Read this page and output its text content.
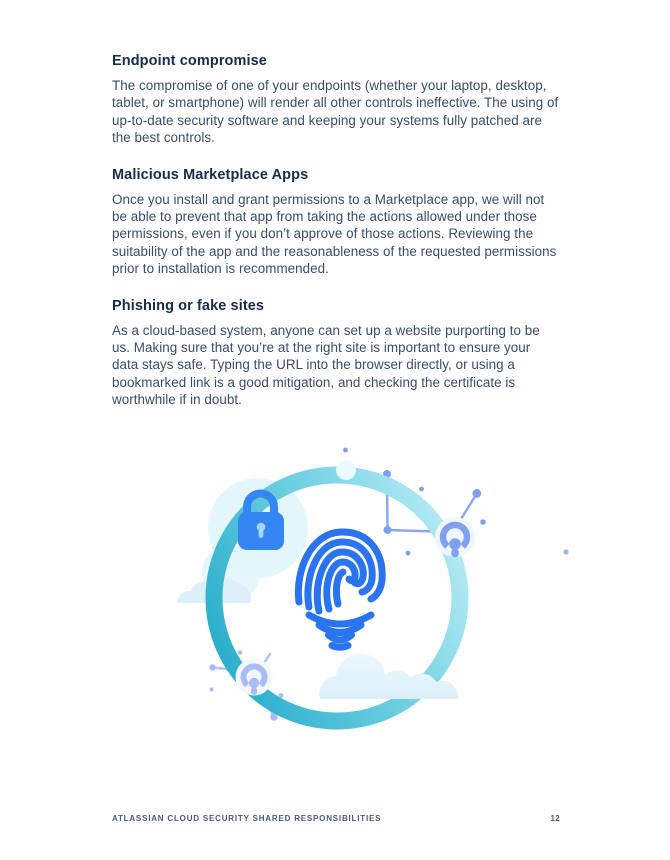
Endpoint compromise

The compromise of one of your endpoints (whether your laptop, desktop, tablet, or smartphone) will render all other controls ineffective. The using of up-to-date security software and keeping your systems fully patched are the best controls.

Malicious Marketplace Apps

Once you install and grant permissions to a Marketplace app, we will not be able to prevent that app from taking the actions allowed under those permissions, even if you don’t approve of those actions. Reviewing the suitability of the app and the reasonableness of the requested permissions prior to installation is recommended.

Phishing or fake sites

As a cloud-based system, anyone can set up a website purporting to be us. Making sure that you’re at the right site is important to ensure your data stays safe. Typing the URL into the browser directly, or using a bookmarked link is a good mitigation, and checking the certificate is worthwhile if in doubt.

ATLASSIAN CLOUD SECURITY SHARED RESPONSIBILITIES	12
